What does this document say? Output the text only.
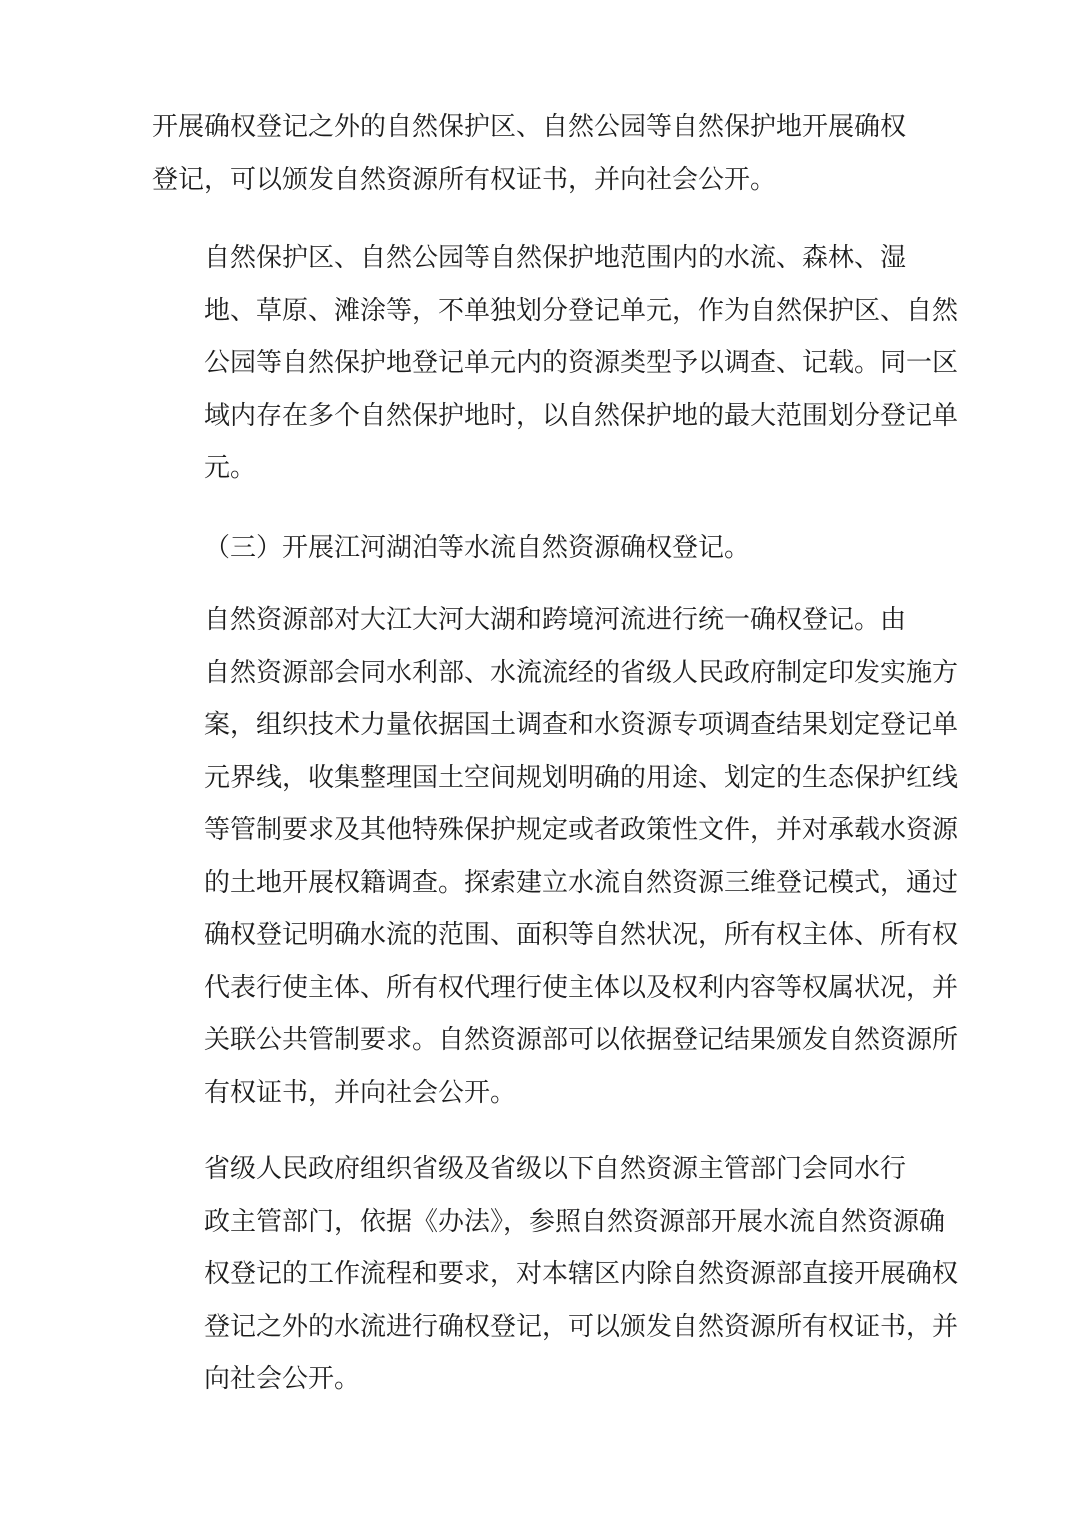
开展确权登记之外的自然保护区、自然公园等自然保护地开展确权
登记，可以颁发自然资源所有权证书，并向社会公开。

自然保护区、自然公园等自然保护地范围内的水流、森林、湿
地、草原、滩涂等，不单独划分登记单元，作为自然保护区、自然
公园等自然保护地登记单元内的资源类型予以调查、记载。同一区
域内存在多个自然保护地时，以自然保护地的最大范围划分登记单
元。

（三）开展江河湖泊等水流自然资源确权登记。

自然资源部对大江大河大湖和跨境河流进行统一确权登记。由
自然资源部会同水利部、水流流经的省级人民政府制定印发实施方
案，组织技术力量依据国土调查和水资源专项调查结果划定登记单
元界线，收集整理国土空间规划明确的用途、划定的生态保护红线
等管制要求及其他特殊保护规定或者政策性文件，并对承载水资源
的土地开展权籍调查。探索建立水流自然资源三维登记模式，通过
确权登记明确水流的范围、面积等自然状况，所有权主体、所有权
代表行使主体、所有权代理行使主体以及权利内容等权属状况，并
关联公共管制要求。自然资源部可以依据登记结果颁发自然资源所
有权证书，并向社会公开。

省级人民政府组织省级及省级以下自然资源主管部门会同水行
政主管部门，依据《办法》，参照自然资源部开展水流自然资源确
权登记的工作流程和要求，对本辖区内除自然资源部直接开展确权
登记之外的水流进行确权登记，可以颁发自然资源所有权证书，并
向社会公开。
